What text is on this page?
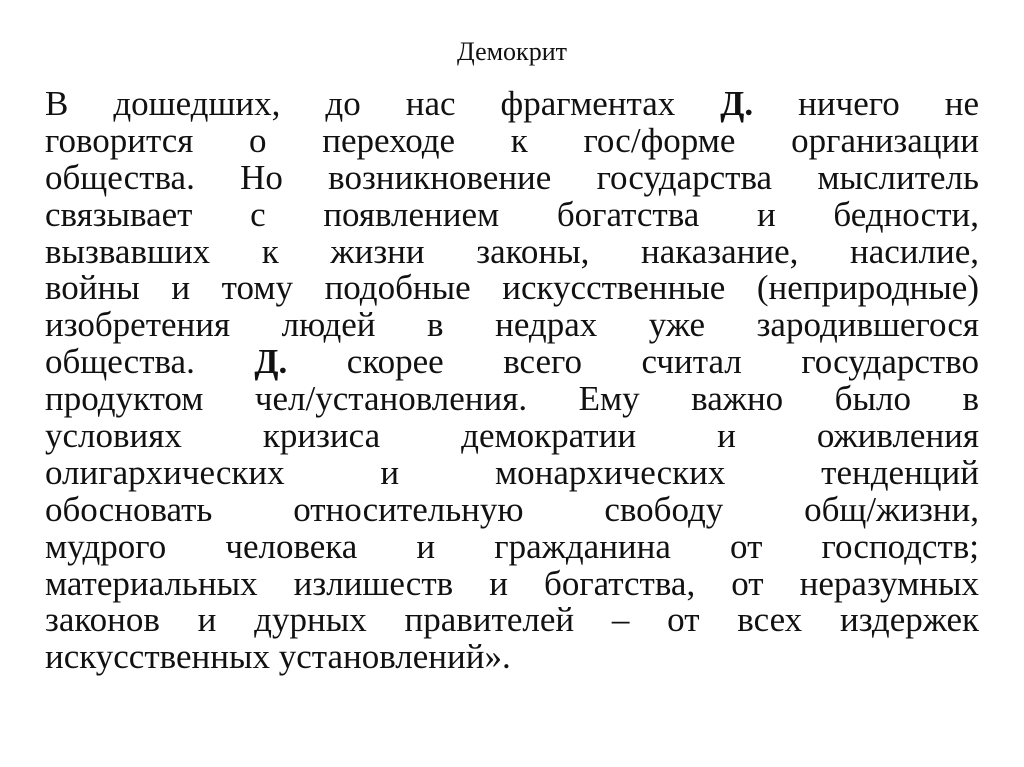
Демокрит
В дошедших, до нас фрагментах Д. ничего не
говорится о переходе к гос/форме организации
общества. Но возникновение государства мыслитель
связывает с появлением богатства и бедности,
вызвавших к жизни законы, наказание, насилие,
войны и тому подобные искусственные (неприродные)
изобретения людей в недрах уже зародившегося
общества. Д. скорее всего считал государство
продуктом чел/установления. Ему важно было в
условиях кризиса демократии и оживления
олигархических и монархических тенденций
обосновать относительную свободу общ/жизни,
мудрого человека и гражданина от господств;
материальных излишеств и богатства, от неразумных
законов и дурных правителей – от всех издержек
искусственных установлений».
